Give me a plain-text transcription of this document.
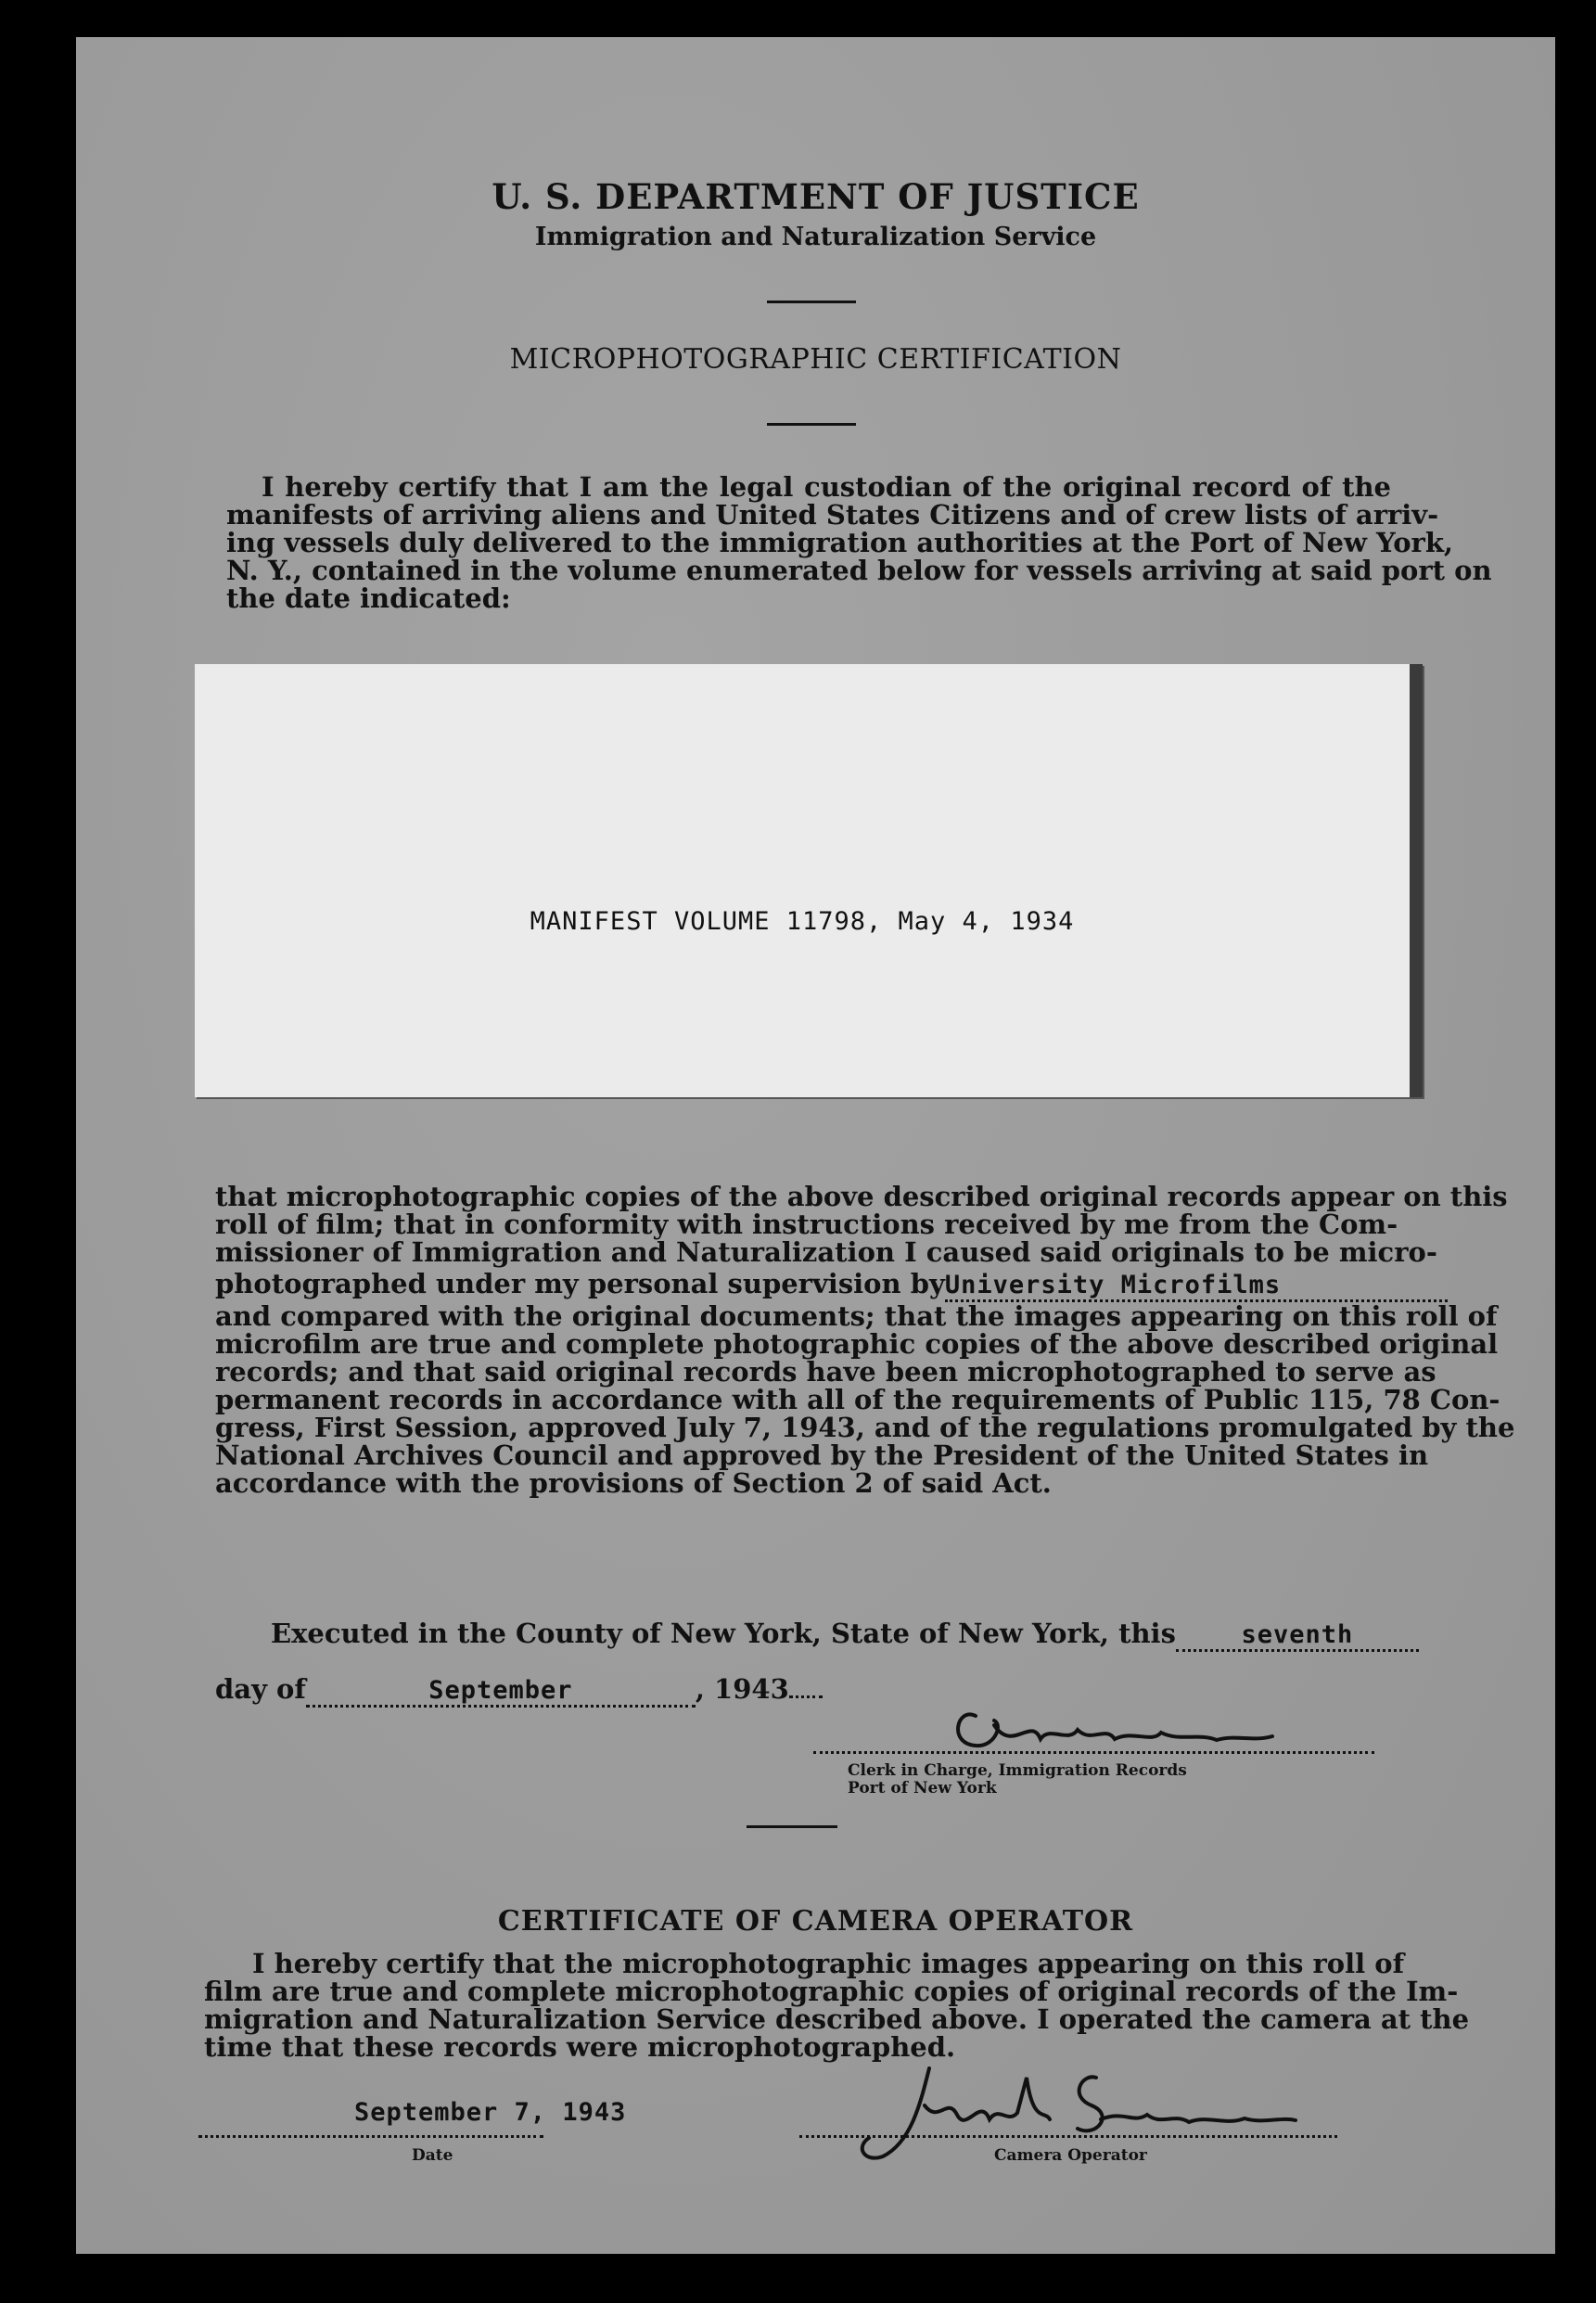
U. S. DEPARTMENT OF JUSTICE
Immigration and Naturalization Service
MICROPHOTOGRAPHIC CERTIFICATION
I hereby certify that I am the legal custodian of the original record of the
manifests of arriving aliens and United States Citizens and of crew lists of arriv-
ing vessels duly delivered to the immigration authorities at the Port of New York,
N. Y., contained in the volume enumerated below for vessels arriving at said port on
the date indicated:
MANIFEST VOLUME 11798, May 4, 1934
that microphotographic copies of the above described original records appear on this
roll of film; that in conformity with instructions received by me from the Com-
missioner of Immigration and Naturalization I caused said originals to be micro-
photographed under my personal supervision byUniversity Microfilms
and compared with the original documents; that the images appearing on this roll of
microfilm are true and complete photographic copies of the above described original
records; and that said original records have been microphotographed to serve as
permanent records in accordance with all of the requirements of Public 115, 78 Con-
gress, First Session, approved July 7, 1943, and of the regulations promulgated by the
National Archives Council and approved by the President of the United States in
accordance with the provisions of Section 2 of said Act.
Executed in the County of New York, State of New York, this	seventh
day of	September	, 1943
Clerk in Charge, Immigration Records
Port of New York
CERTIFICATE OF CAMERA OPERATOR
I hereby certify that the microphotographic images appearing on this roll of
film are true and complete microphotographic copies of original records of the Im-
migration and Naturalization Service described above. I operated the camera at the
time that these records were microphotographed.
September 7, 1943
Date	Camera Operator
